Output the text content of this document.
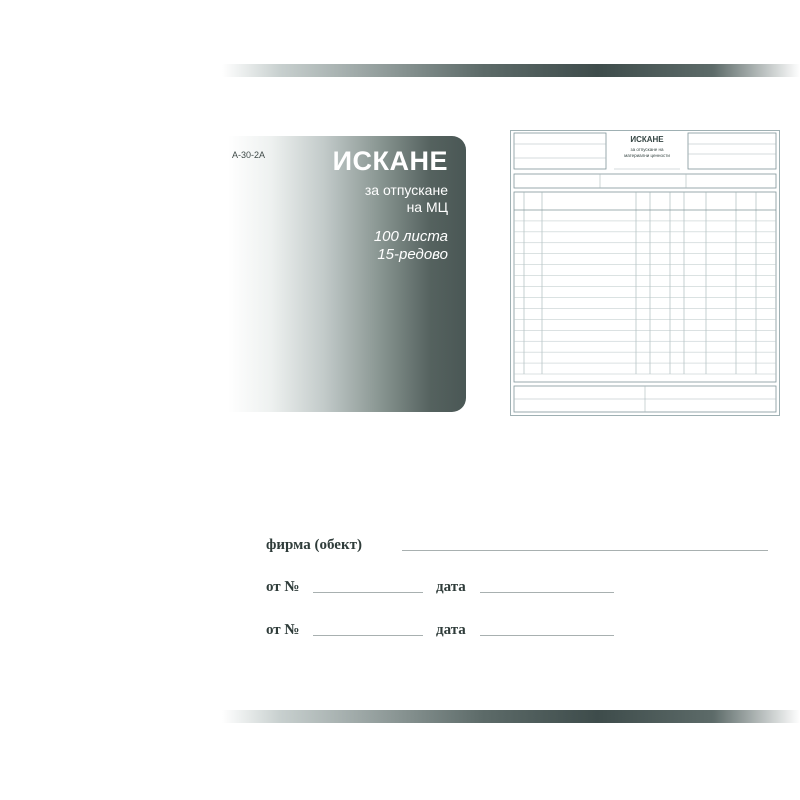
A-30-2A	ИСКАНЕ
за отпускане
на МЦ
100 листа
15-редово
ИСКАНЕ
за отпускане на
материални ценности
фирма (обект)
от №	дата
от №	дата
